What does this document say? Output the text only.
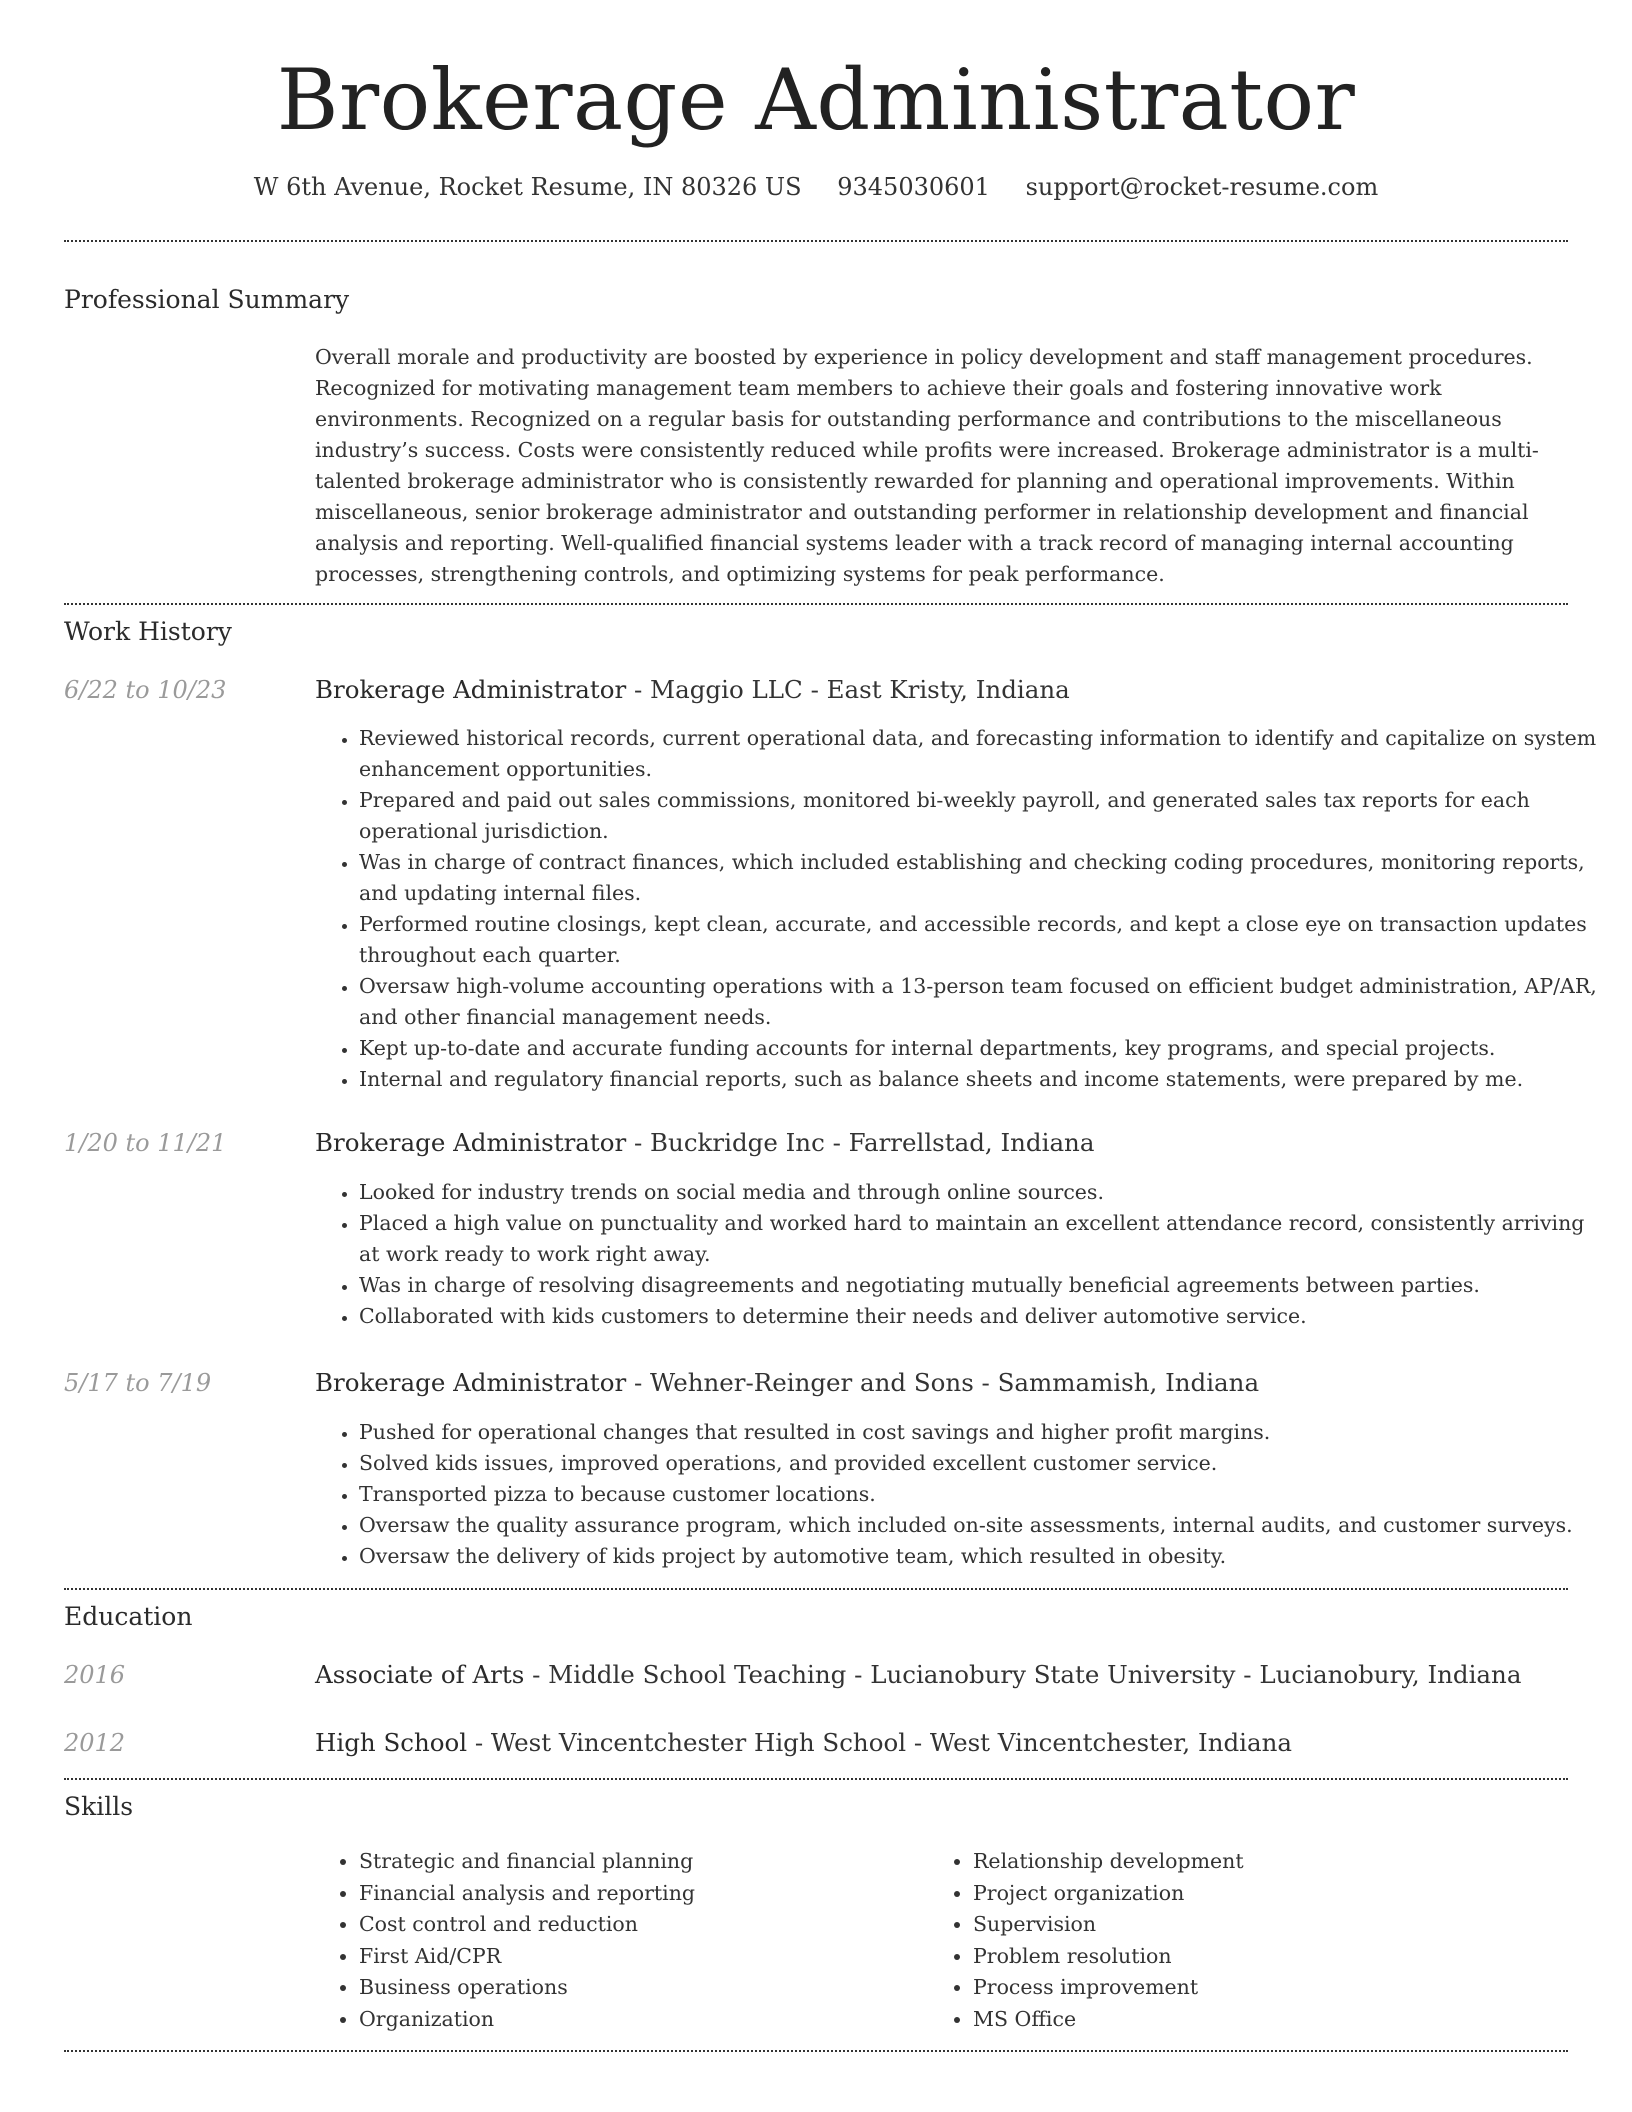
Brokerage Administrator
W 6th Avenue, Rocket Resume, IN 80326 US 9345030601 support@rocket-resume.com
Professional Summary

Overall morale and productivity are boosted by experience in policy development and staff management procedures. Recognized for motivating management team members to achieve their goals and fostering innovative work environments. Recognized on a regular basis for outstanding performance and contributions to the miscellaneous industry’s success. Costs were consistently reduced while profits were increased. Brokerage administrator is a multi-talented brokerage administrator who is consistently rewarded for planning and operational improvements. Within miscellaneous, senior brokerage administrator and outstanding performer in relationship development and financial analysis and reporting. Well-qualified financial systems leader with a track record of managing internal accounting processes, strengthening controls, and optimizing systems for peak performance.

Work History
6/22 to 10/23	Brokerage Administrator - Maggio LLC - East Kristy, Indiana
• Reviewed historical records, current operational data, and forecasting information to identify and capitalize on system enhancement opportunities.
• Prepared and paid out sales commissions, monitored bi-weekly payroll, and generated sales tax reports for each operational jurisdiction.
• Was in charge of contract finances, which included establishing and checking coding procedures, monitoring reports, and updating internal files.
• Performed routine closings, kept clean, accurate, and accessible records, and kept a close eye on transaction updates throughout each quarter.
• Oversaw high-volume accounting operations with a 13-person team focused on efficient budget administration, AP/AR, and other financial management needs.
• Kept up-to-date and accurate funding accounts for internal departments, key programs, and special projects.
• Internal and regulatory financial reports, such as balance sheets and income statements, were prepared by me.
1/20 to 11/21	Brokerage Administrator - Buckridge Inc - Farrellstad, Indiana
• Looked for industry trends on social media and through online sources.
• Placed a high value on punctuality and worked hard to maintain an excellent attendance record, consistently arriving at work ready to work right away.
• Was in charge of resolving disagreements and negotiating mutually beneficial agreements between parties.
• Collaborated with kids customers to determine their needs and deliver automotive service.
5/17 to 7/19	Brokerage Administrator - Wehner-Reinger and Sons - Sammamish, Indiana
• Pushed for operational changes that resulted in cost savings and higher profit margins.
• Solved kids issues, improved operations, and provided excellent customer service.
• Transported pizza to because customer locations.
• Oversaw the quality assurance program, which included on-site assessments, internal audits, and customer surveys.
• Oversaw the delivery of kids project by automotive team, which resulted in obesity.
Education
2016	Associate of Arts - Middle School Teaching - Lucianobury State University - Lucianobury, Indiana
2012	High School - West Vincentchester High School - West Vincentchester, Indiana
Skills
• Strategic and financial planning
• Financial analysis and reporting
• Cost control and reduction
• First Aid/CPR
• Business operations
• Organization
• Relationship development
• Project organization
• Supervision
• Problem resolution
• Process improvement
• MS Office
